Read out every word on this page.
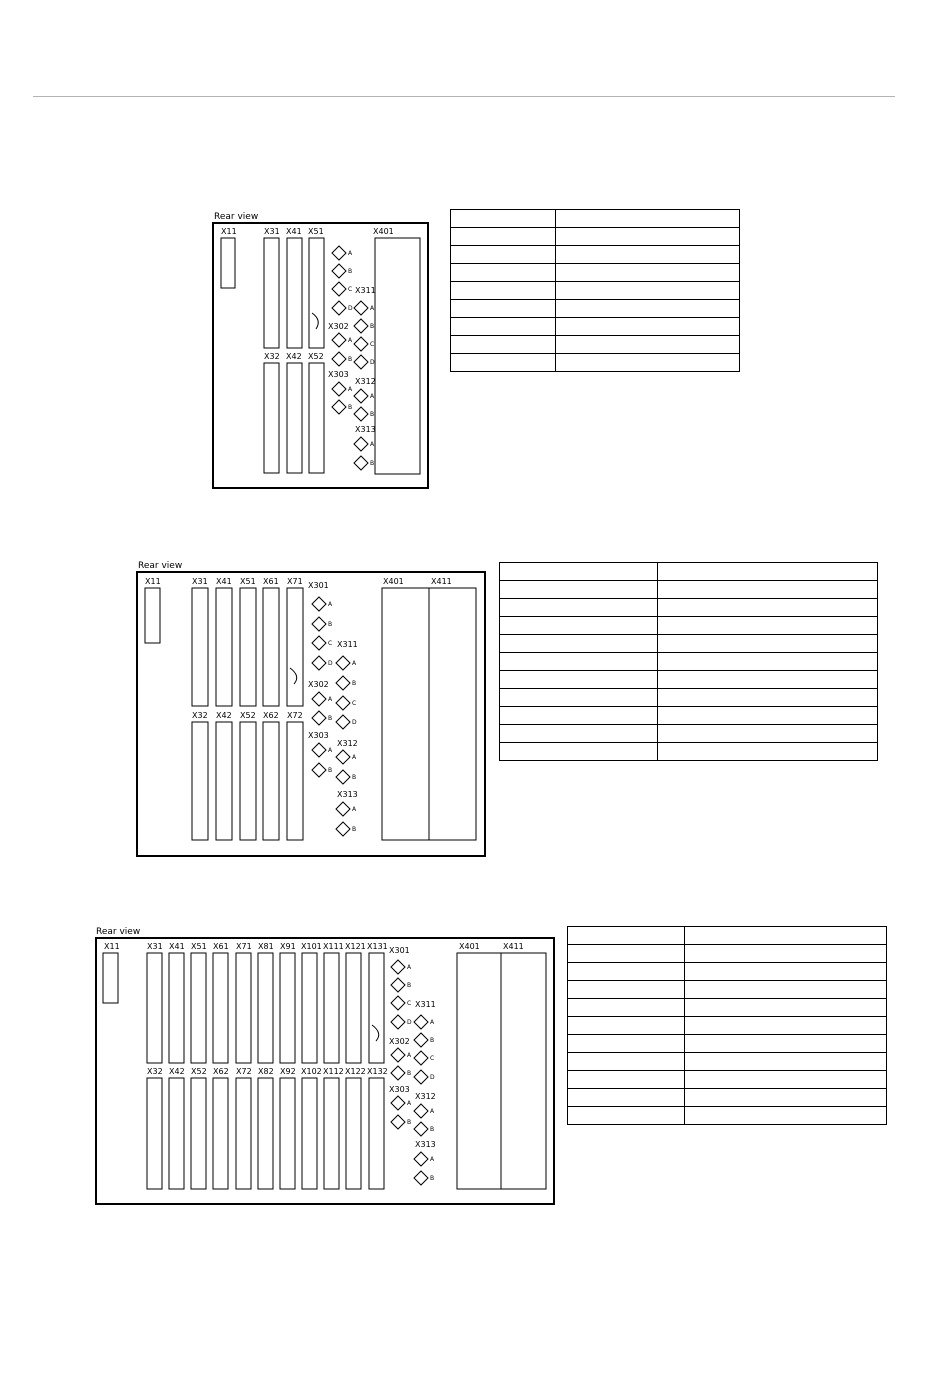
Rear view
X11	X31 X41 X51
X32 X42 X52
X401
A
B
C
D
X311
A
B
C
D
X302
A
B
X303
A
B
X312
A
B
X313
A
B

Rear view
X11	X31 X41 X51 X61 X71
X32 X42 X52 X62 X72
X301	X401	X411
A
B
C
D
X311
A
B
C
D
X302
A
B
X303
A
B
X312
A
B
X313
A
B

Rear view
X11	X31 X41 X51 X61 X71 X81 X91 X101 X111 X121 X131
X32 X42 X52 X62 X72 X82 X92 X102 X112 X122 X132
X301	X401	X411
A
B
C
D
X311
A
B
C
D
X302
A
B
X303
A
B
X312
A
B
X313
A
B
